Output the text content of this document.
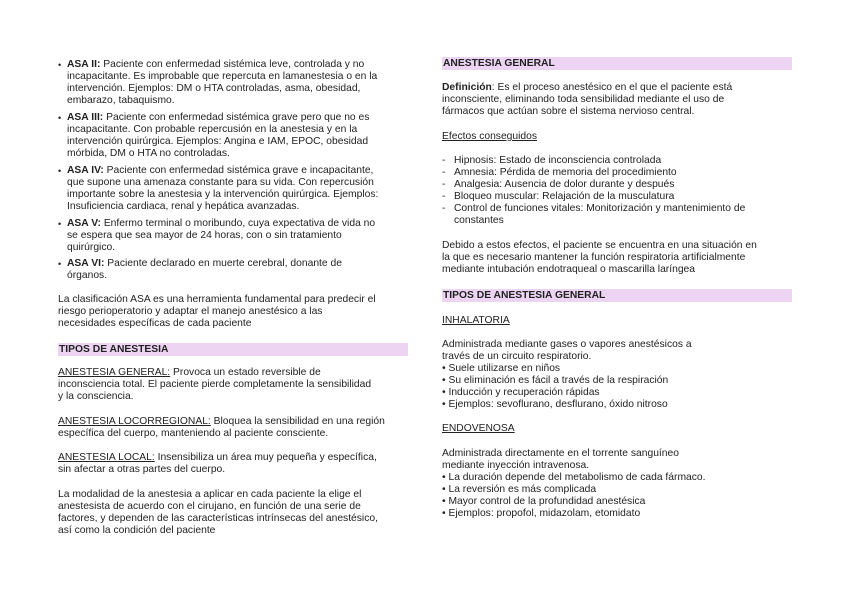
• ASA II: Paciente con enfermedad sistémica leve, controlada y no
incapacitante. Es improbable que repercuta en lamanestesia o en la
intervención. Ejemplos: DM o HTA controladas, asma, obesidad,
embarazo, tabaquismo.
• ASA III: Paciente con enfermedad sistémica grave pero que no es
incapacitante. Con probable repercusión en la anestesia y en la
intervención quirúrgica. Ejemplos: Angina e IAM, EPOC, obesidad
mórbida, DM o HTA no controladas.
• ASA IV: Paciente con enfermedad sistémica grave e incapacitante,
que supone una amenaza constante para su vida. Con repercusión
importante sobre la anestesia y la intervención quirúrgica. Ejemplos:
Insuficiencia cardiaca, renal y hepática avanzadas.
• ASA V: Enfermo terminal o moribundo, cuya expectativa de vida no
se espera que sea mayor de 24 horas, con o sin tratamiento
quirúrgico.
• ASA VI: Paciente declarado en muerte cerebral, donante de
órganos.
La clasificación ASA es una herramienta fundamental para predecir el
riesgo perioperatorio y adaptar el manejo anestésico a las
necesidades específicas de cada paciente
TIPOS DE ANESTESIA
ANESTESIA GENERAL: Provoca un estado reversible de
inconsciencia total. El paciente pierde completamente la sensibilidad
y la consciencia.
ANESTESIA LOCORREGIONAL: Bloquea la sensibilidad en una región
específica del cuerpo, manteniendo al paciente consciente.
ANESTESIA LOCAL: Insensibiliza un área muy pequeña y específica,
sin afectar a otras partes del cuerpo.
La modalidad de la anestesia a aplicar en cada paciente la elige el
anestesista de acuerdo con el cirujano, en función de una serie de
factores, y dependen de las características intrínsecas del anestésico,
así como la condición del paciente
ANESTESIA GENERAL
Definición: Es el proceso anestésico en el que el paciente está
inconsciente, eliminando toda sensibilidad mediante el uso de
fármacos que actúan sobre el sistema nervioso central.
Efectos conseguidos
- Hipnosis: Estado de inconsciencia controlada
- Amnesia: Pérdida de memoria del procedimiento
- Analgesia: Ausencia de dolor durante y después
- Bloqueo muscular: Relajación de la musculatura
- Control de funciones vitales: Monitorización y mantenimiento de
constantes
Debido a estos efectos, el paciente se encuentra en una situación en
la que es necesario mantener la función respiratoria artificialmente
mediante intubación endotraqueal o mascarilla laríngea
TIPOS DE ANESTESIA GENERAL
INHALATORIA
Administrada mediante gases o vapores anestésicos a
través de un circuito respiratorio.
• Suele utilizarse en niños
• Su eliminación es fácil a través de la respiración
• Inducción y recuperación rápidas
• Ejemplos: sevoflurano, desflurano, óxido nitroso
ENDOVENOSA
Administrada directamente en el torrente sanguíneo
mediante inyección intravenosa.
• La duración depende del metabolismo de cada fármaco.
• La reversión es más complicada
• Mayor control de la profundidad anestésica
• Ejemplos: propofol, midazolam, etomidato
